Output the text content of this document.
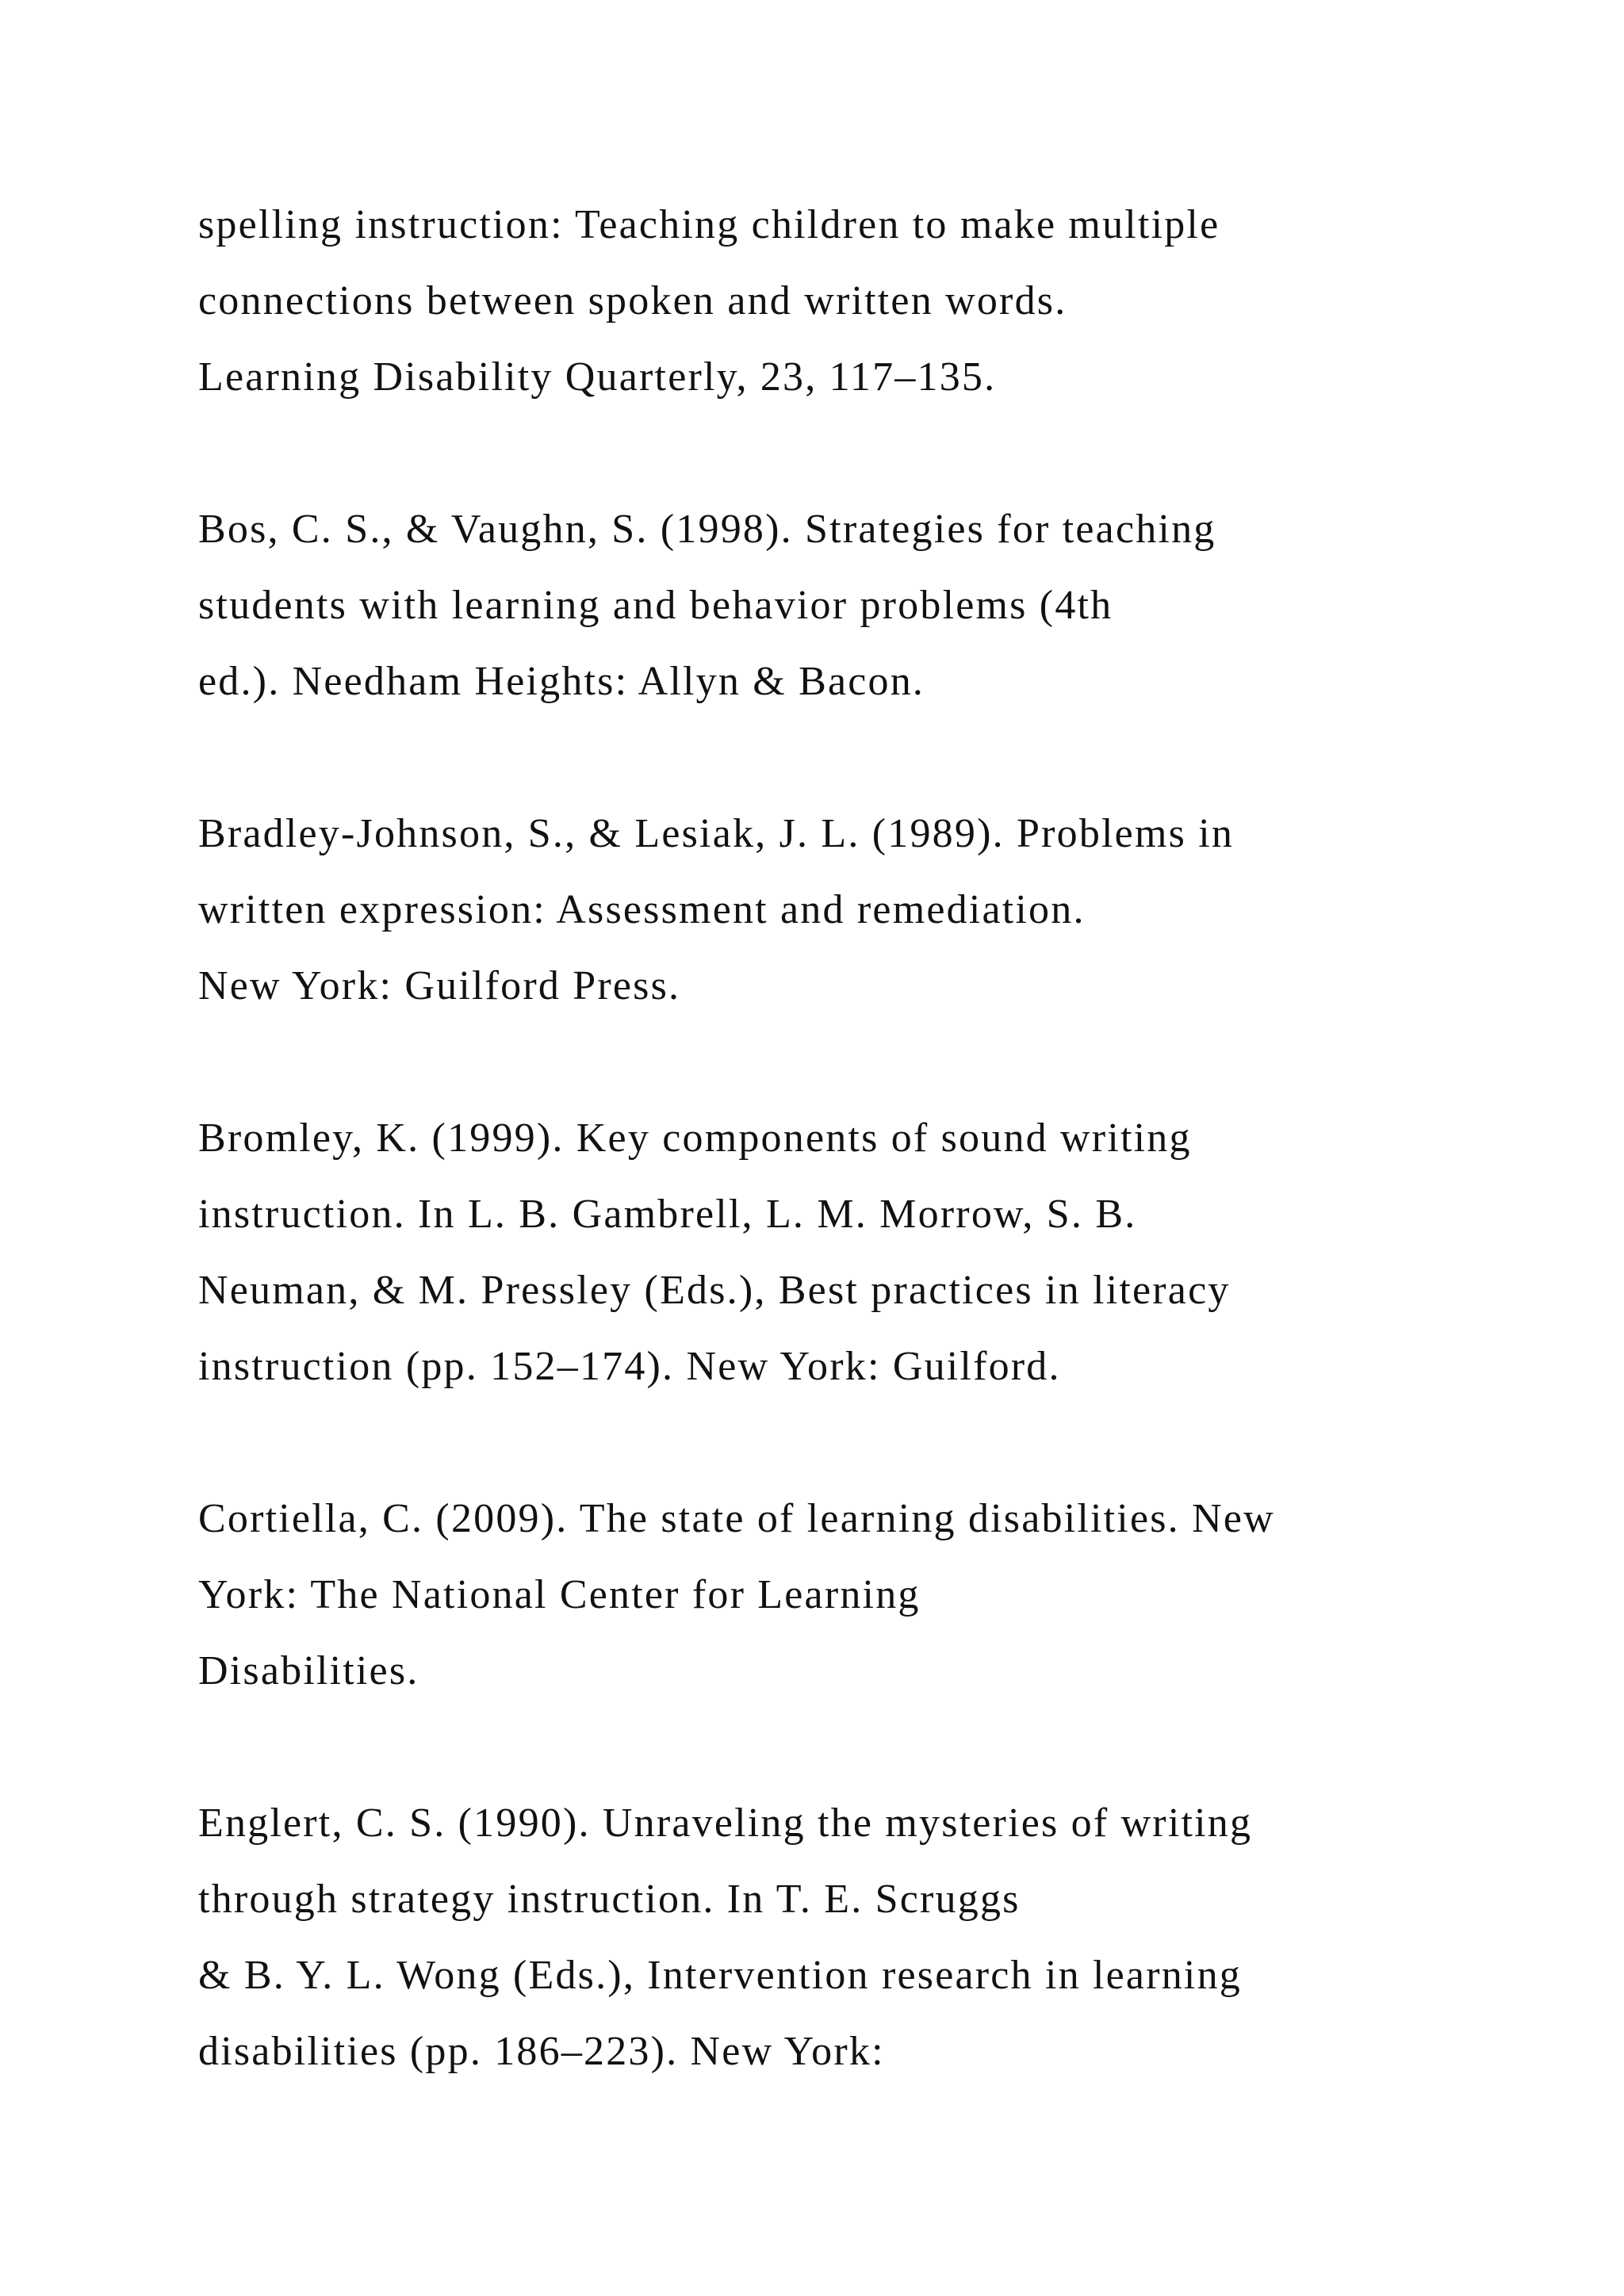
spelling instruction: Teaching children to make multiple
connections between spoken and written words.
Learning Disability Quarterly, 23, 117–135.
Bos, C. S., & Vaughn, S. (1998). Strategies for teaching
students with learning and behavior problems (4th
ed.). Needham Heights: Allyn & Bacon.
Bradley-Johnson, S., & Lesiak, J. L. (1989). Problems in
written expression: Assessment and remediation.
New York: Guilford Press.
Bromley, K. (1999). Key components of sound writing
instruction. In L. B. Gambrell, L. M. Morrow, S. B.
Neuman, & M. Pressley (Eds.), Best practices in literacy
instruction (pp. 152–174). New York: Guilford.
Cortiella, C. (2009). The state of learning disabilities. New
York: The National Center for Learning
Disabilities.
Englert, C. S. (1990). Unraveling the mysteries of writing
through strategy instruction. In T. E. Scruggs
& B. Y. L. Wong (Eds.), Intervention research in learning
disabilities (pp. 186–223). New York:
